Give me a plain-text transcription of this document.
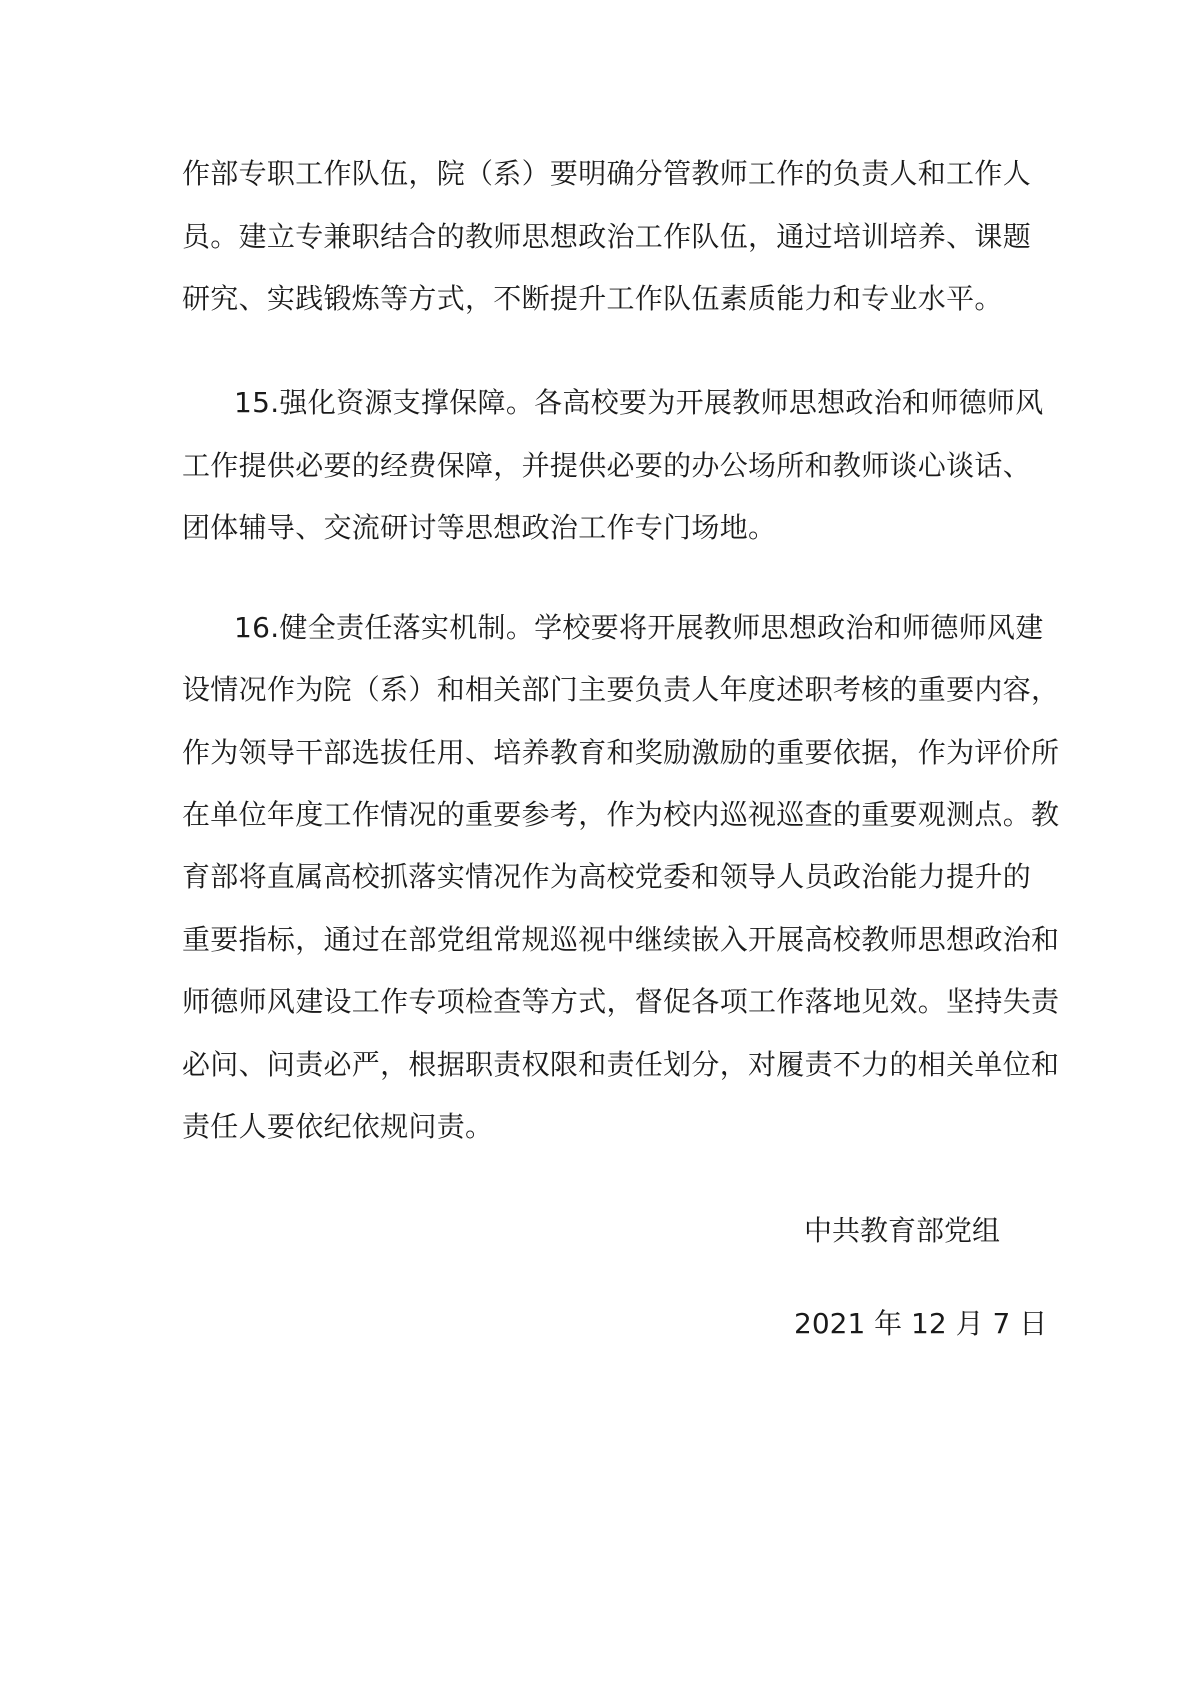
作部专职工作队伍，院（系）要明确分管教师工作的负责人和工作人
员。建立专兼职结合的教师思想政治工作队伍，通过培训培养、课题
研究、实践锻炼等方式，不断提升工作队伍素质能力和专业水平。
15.强化资源支撑保障。各高校要为开展教师思想政治和师德师风
工作提供必要的经费保障，并提供必要的办公场所和教师谈心谈话、
团体辅导、交流研讨等思想政治工作专门场地。
16.健全责任落实机制。学校要将开展教师思想政治和师德师风建
设情况作为院（系）和相关部门主要负责人年度述职考核的重要内容，
作为领导干部选拔任用、培养教育和奖励激励的重要依据，作为评价所
在单位年度工作情况的重要参考，作为校内巡视巡查的重要观测点。教
育部将直属高校抓落实情况作为高校党委和领导人员政治能力提升的
重要指标，通过在部党组常规巡视中继续嵌入开展高校教师思想政治和
师德师风建设工作专项检查等方式，督促各项工作落地见效。坚持失责
必问、问责必严，根据职责权限和责任划分，对履责不力的相关单位和
责任人要依纪依规问责。
中共教育部党组
2021 年 12 月 7 日
